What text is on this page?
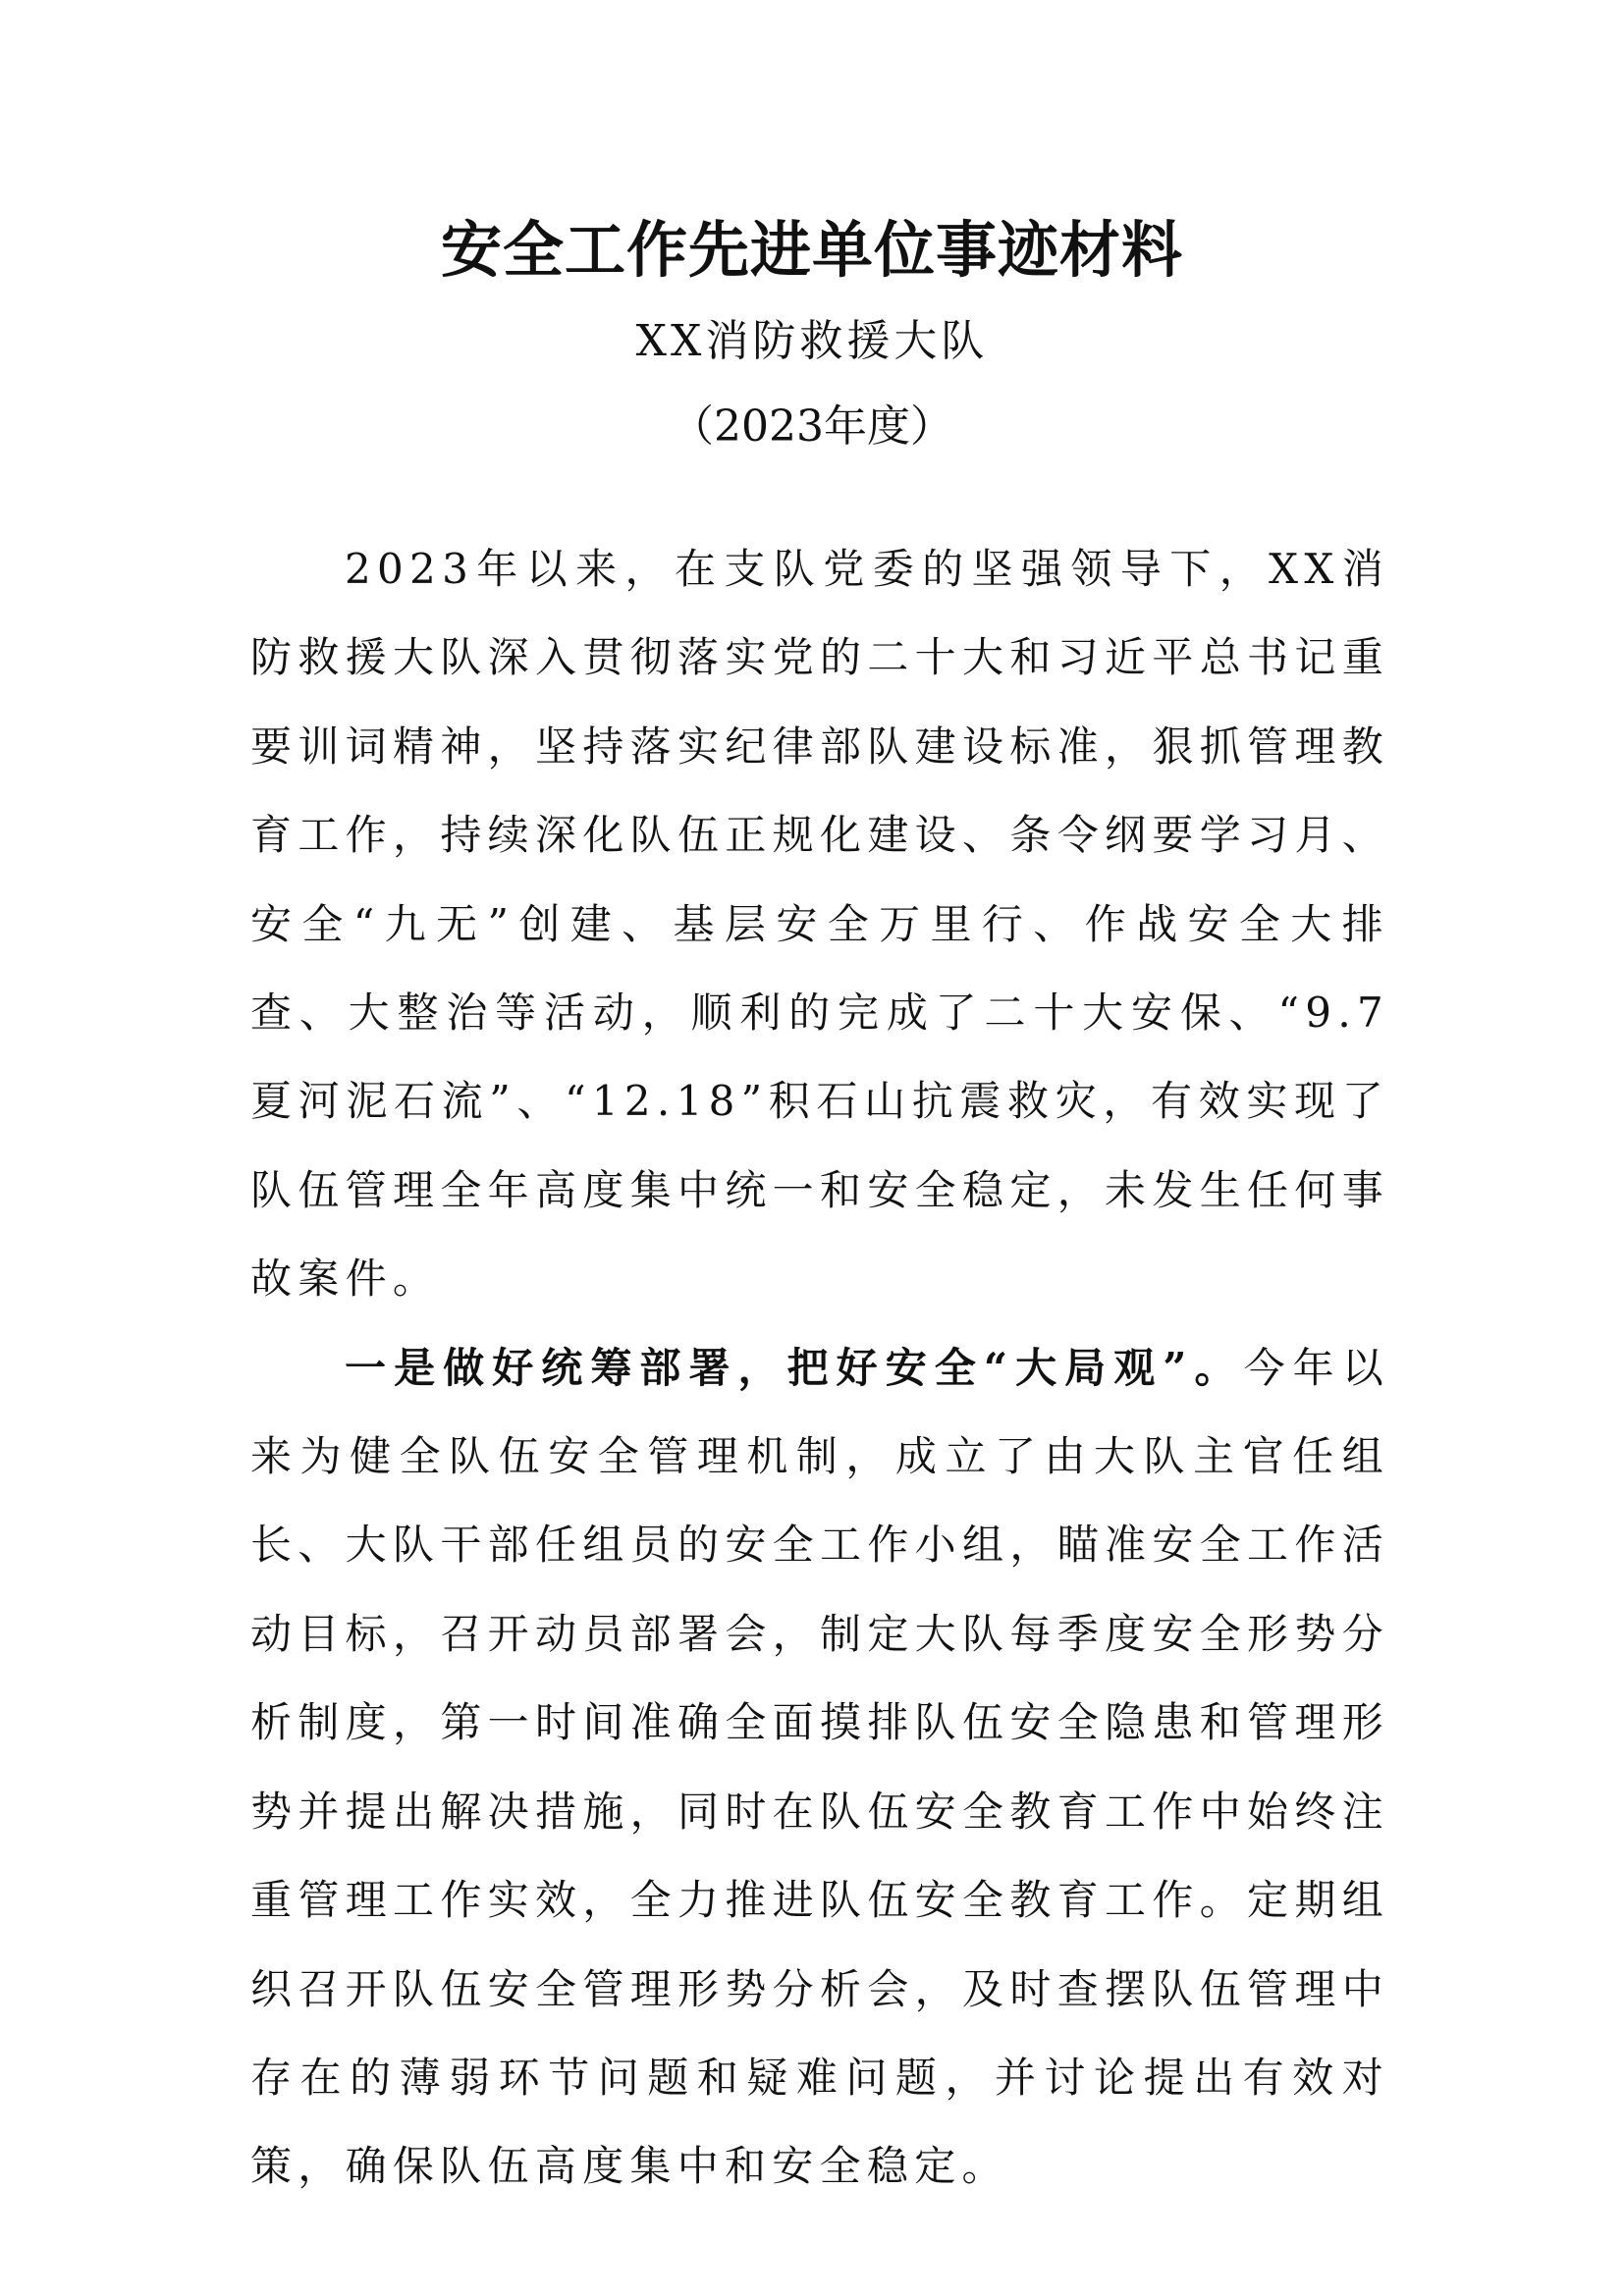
安全工作先进单位事迹材料
XX消防救援大队
（2023年度）

2023年以来，在支队党委的坚强领导下，XX消防救援大队深入贯彻落实党的二十大和习近平总书记重要训词精神，坚持落实纪律部队建设标准，狠抓管理教育工作，持续深化队伍正规化建设、条令纲要学习月、安全“九无”创建、基层安全万里行、作战安全大排查、大整治等活动，顺利的完成了二十大安保、“9.7夏河泥石流”、“12.18”积石山抗震救灾，有效实现了队伍管理全年高度集中统一和安全稳定，未发生任何事故案件。

一是做好统筹部署，把好安全“大局观”。今年以来为健全队伍安全管理机制，成立了由大队主官任组长、大队干部任组员的安全工作小组，瞄准安全工作活动目标，召开动员部署会，制定大队每季度安全形势分析制度，第一时间准确全面摸排队伍安全隐患和管理形势并提出解决措施，同时在队伍安全教育工作中始终注重管理工作实效，全力推进队伍安全教育工作。定期组织召开队伍安全管理形势分析会，及时查摆队伍管理中存在的薄弱环节问题和疑难问题，并讨论提出有效对策，确保队伍高度集中和安全稳定。
